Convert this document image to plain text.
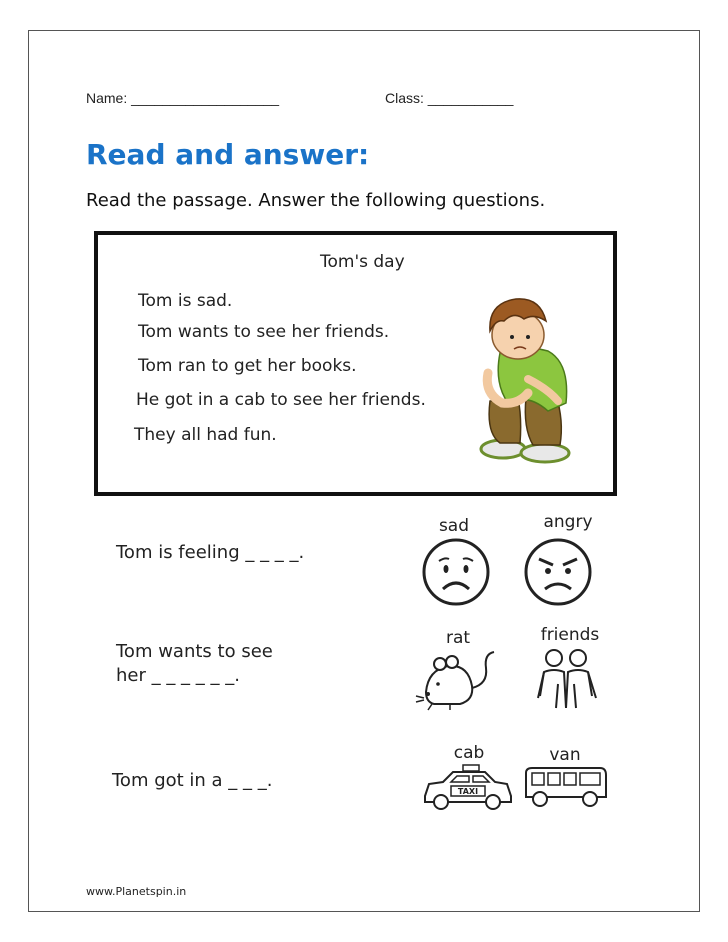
Name: ___________________	Class: ___________
Read and answer:
Read the passage. Answer the following questions.
Tom's day
Tom is sad.
Tom wants to see her friends.
Tom ran to get her books.
He got in a cab to see her friends.
They all had fun.
Tom is feeling _ _ _ _.
sad	angry
Tom wants to see
her _ _ _ _ _ _.
rat	friends
Tom got in a _ _ _.
cab	van
TAXI
www.Planetspin.in
